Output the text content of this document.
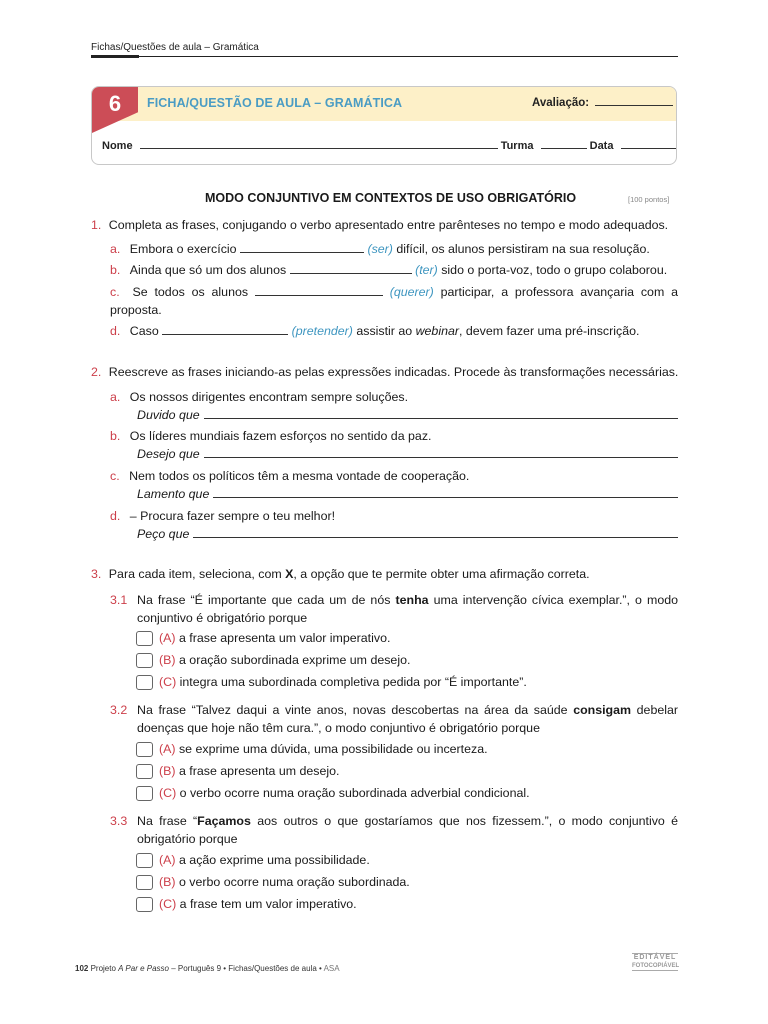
Fichas/Questões de aula – Gramática
6	FICHA/QUESTÃO DE AULA – GRAMÁTICA	Avaliação:
Nome	Turma	Data
MODO CONJUNTIVO EM CONTEXTOS DE USO OBRIGATÓRIO	[100 pontos]
1. Completa as frases, conjugando o verbo apresentado entre parênteses no tempo e modo adequados.
a. Embora o exercício	(ser) difícil, os alunos persistiram na sua resolução.
b. Ainda que só um dos alunos	(ter) sido o porta-voz, todo o grupo colaborou.
c. Se todos os alunos	(querer) participar, a professora avançaria com a proposta.
d. Caso	(pretender) assistir ao webinar, devem fazer uma pré-inscrição.
2. Reescreve as frases iniciando-as pelas expressões indicadas. Procede às transformações necessárias.
a. Os nossos dirigentes encontram sempre soluções.
Duvido que
b. Os líderes mundiais fazem esforços no sentido da paz.
Desejo que
c. Nem todos os políticos têm a mesma vontade de cooperação.
Lamento que
d. – Procura fazer sempre o teu melhor!
Peço que
3. Para cada item, seleciona, com X, a opção que te permite obter uma afirmação correta.
3.1 Na frase “É importante que cada um de nós tenha uma intervenção cívica exemplar.”, o modo conjuntivo é obrigatório porque
(A) a frase apresenta um valor imperativo.
(B) a oração subordinada exprime um desejo.
(C) integra uma subordinada completiva pedida por “É importante”.
3.2 Na frase “Talvez daqui a vinte anos, novas descobertas na área da saúde consigam debelar doenças que hoje não têm cura.”, o modo conjuntivo é obrigatório porque
(A) se exprime uma dúvida, uma possibilidade ou incerteza.
(B) a frase apresenta um desejo.
(C) o verbo ocorre numa oração subordinada adverbial condicional.
3.3 Na frase “Façamos aos outros o que gostaríamos que nos fizessem.”, o modo conjuntivo é obrigatório porque
(A) a ação exprime uma possibilidade.
(B) o verbo ocorre numa oração subordinada.
(C) a frase tem um valor imperativo.
102 Projeto A Par e Passo – Português 9 • Fichas/Questões de aula • ASA
EDITÁVEL
FOTOCOPIÁVEL
